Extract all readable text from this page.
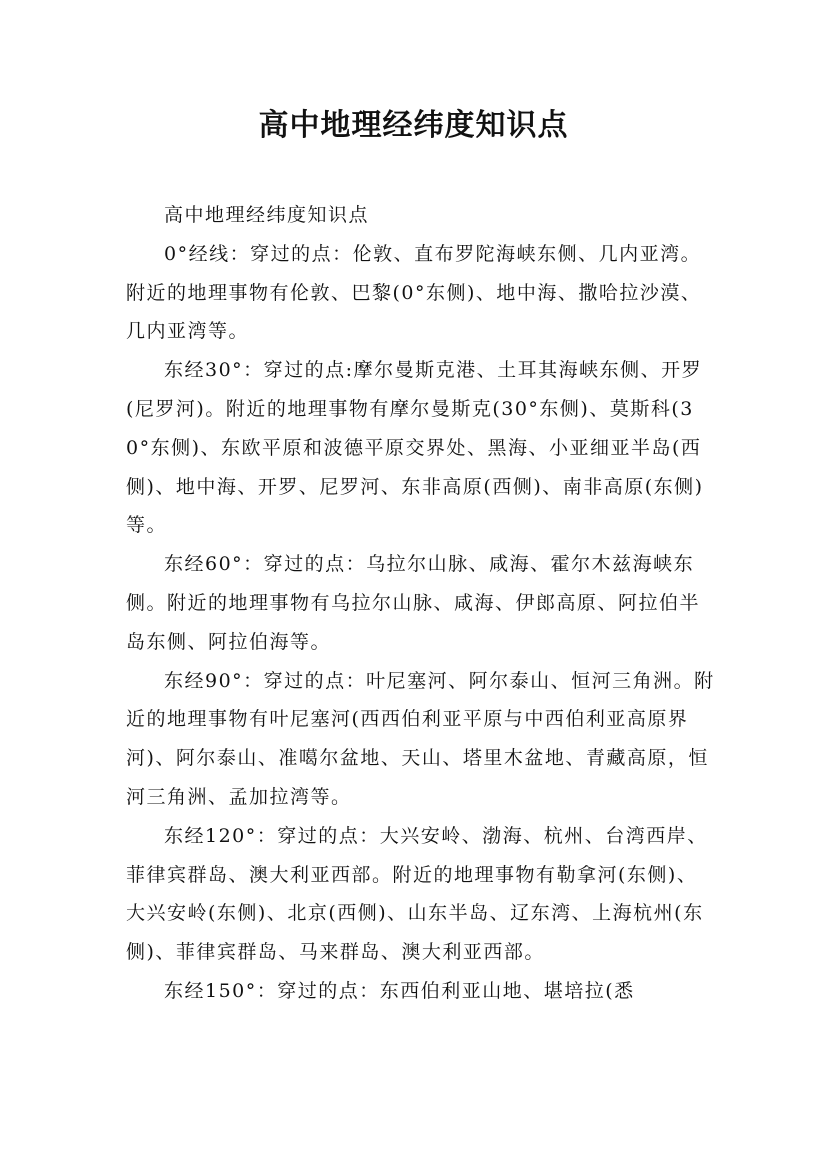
高中地理经纬度知识点

高中地理经纬度知识点

0°经线：穿过的点：伦敦、直布罗陀海峡东侧、几内亚湾。附近的地理事物有伦敦、巴黎(0°东侧)、地中海、撒哈拉沙漠、几内亚湾等。

东经30°：穿过的点:摩尔曼斯克港、土耳其海峡东侧、开罗(尼罗河)。附近的地理事物有摩尔曼斯克(30°东侧)、莫斯科(30°东侧)、东欧平原和波德平原交界处、黑海、小亚细亚半岛(西侧)、地中海、开罗、尼罗河、东非高原(西侧)、南非高原(东侧)等。

东经60°：穿过的点：乌拉尔山脉、咸海、霍尔木兹海峡东侧。附近的地理事物有乌拉尔山脉、咸海、伊郎高原、阿拉伯半岛东侧、阿拉伯海等。

东经90°：穿过的点：叶尼塞河、阿尔泰山、恒河三角洲。附近的地理事物有叶尼塞河(西西伯利亚平原与中西伯利亚高原界河)、阿尔泰山、准噶尔盆地、天山、塔里木盆地、青藏高原，恒河三角洲、孟加拉湾等。

东经120°：穿过的点：大兴安岭、渤海、杭州、台湾西岸、菲律宾群岛、澳大利亚西部。附近的地理事物有勒拿河(东侧)、大兴安岭(东侧)、北京(西侧)、山东半岛、辽东湾、上海杭州(东侧)、菲律宾群岛、马来群岛、澳大利亚西部。

东经150°：穿过的点：东西伯利亚山地、堪培拉(悉
